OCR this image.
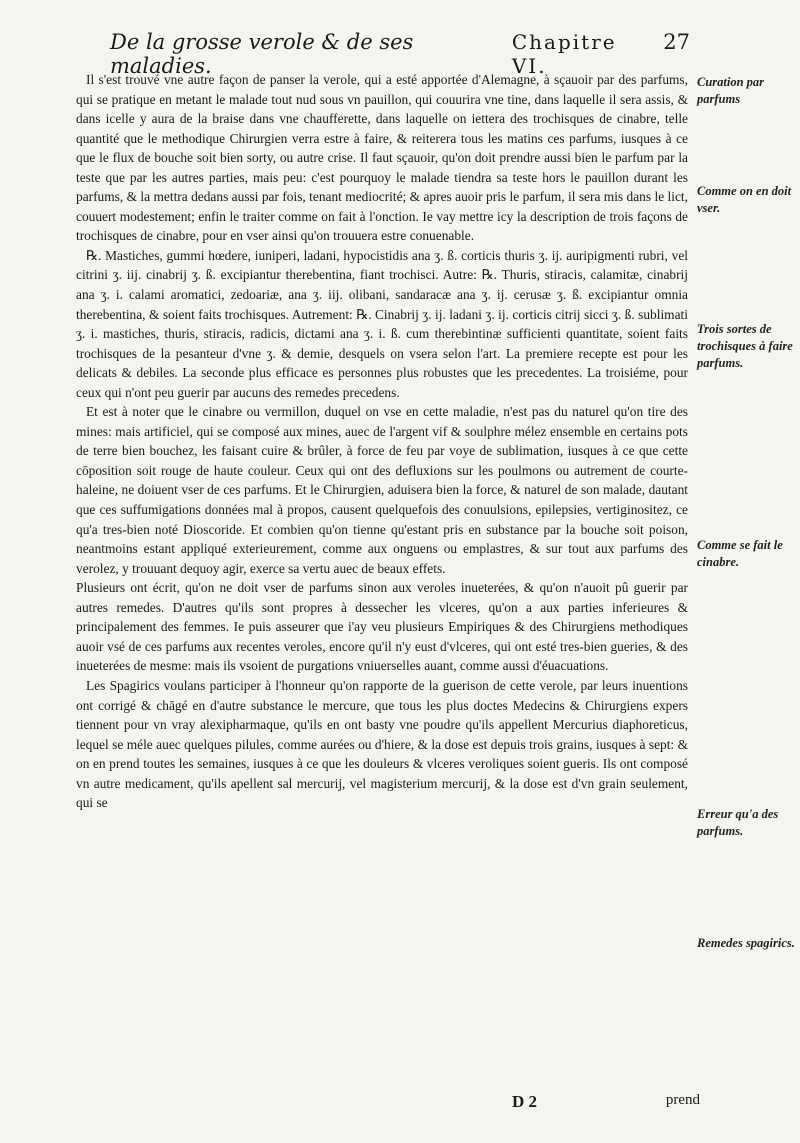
De la grosse verole & de ses maladies.
Chapitre VI.
27

Il s'est trouvé vne autre façon de panser la verole, qui a esté apportée d'Alemagne, à sçauoir par des parfums, qui se pratique en metant le malade tout nud sous vn pauillon, qui couurira vne tine, dans laquelle il sera assis, & dans icelle y aura de la braise dans vne chaufferette, dans laquelle on iettera des trochisques de cinabre, telle quantité que le methodique Chirurgien verra estre à faire, & reiterera tous les matins ces parfums, iusques à ce que le flux de bouche soit bien sorty, ou autre crise. Il faut sçauoir, qu'on doit prendre aussi bien le parfum par la teste que par les autres parties, mais peu: c'est pourquoy le malade tiendra sa teste hors le pauillon durant les parfums, & la mettra dedans aussi par fois, tenant mediocrité; & apres auoir pris le parfum, il sera mis dans le lict, couuert modestement; enfin le traiter comme on fait à l'onction. Ie vay mettre icy la description de trois façons de trochisques de cinabre, pour en vser ainsi qu'on trouuera estre conuenable.

℞. Mastiches, gummi hœdere, iuniperi, ladani, hypocistidis ana ʒ. ß. corticis thuris ʒ. ij. auripigmenti rubri, vel citrini ʒ. iij. cinabrij ʒ. ß. excipiantur therebentina, fiant trochisci. Autre: ℞. Thuris, stiracis, calamitæ, cinabrij ana ʒ. i. calami aromatici, zedoariæ, ana ʒ. iij. olibani, sandaracæ ana ʒ. ij. cerusæ ʒ. ß. excipiantur omnia therebentina, & soient faits trochisques. Autrement: ℞. Cinabrij ʒ. ij. ladani ʒ. ij. corticis citrij sicci ʒ. ß. sublimati ʒ. i. mastiches, thuris, stiracis, radicis, dictami ana ʒ. i. ß. cum therebintinæ sufficienti quantitate, soient faits trochisques de la pesanteur d'vne ʒ. & demie, desquels on vsera selon l'art. La premiere recepte est pour les delicats & debiles. La seconde plus efficace es personnes plus robustes que les precedentes. La troisiéme, pour ceux qui n'ont peu guerir par aucuns des remedes precedens.

Et est à noter que le cinabre ou vermillon, duquel on vse en cette maladie, n'est pas du naturel qu'on tire des mines: mais artificiel, qui se composé aux mines, auec de l'argent vif & soulphre mélez ensemble en certains pots de terre bien bouchez, les faisant cuire & brûler, à force de feu par voye de sublimation, iusques à ce que cette cōposition soit rouge de haute couleur. Ceux qui ont des defluxions sur les poulmons ou autrement de courte-haleine, ne doiuent vser de ces parfums. Et le Chirurgien, aduisera bien la force, & naturel de son malade, dautant que ces suffumigations données mal à propos, causent quelquefois des conuulsions, epilepsies, vertiginositez, ce qu'a tres-bien noté Dioscoride. Et combien qu'on tienne qu'estant pris en substance par la bouche soit poison, neantmoins estant appliqué exterieurement, comme aux onguens ou emplastres, & sur tout aux parfums des verolez, y trouuant dequoy agir, exerce sa vertu auec de beaux effets.

Plusieurs ont écrit, qu'on ne doit vser de parfums sinon aux veroles inueterées, & qu'on n'auoit pû guerir par autres remedes. D'autres qu'ils sont propres à dessecher les vlceres, qu'on a aux parties inferieures & principalement des femmes. Ie puis asseurer que i'ay veu plusieurs Empiriques & des Chirurgiens methodiques auoir vsé de ces parfums aux recentes veroles, encore qu'il n'y eust d'vlceres, qui ont esté tres-bien gueries, & des inueterées de mesme: mais ils vsoient de purgations vniuerselles auant, comme aussi d'éuacuations.

Les Spagirics voulans participer à l'honneur qu'on rapporte de la guerison de cette verole, par leurs inuentions ont corrigé & chāgé en d'autre substance le mercure, que tous les plus doctes Medecins & Chirurgiens expers tiennent pour vn vray alexipharmaque, qu'ils en ont basty vne poudre qu'ils appellent Mercurius diaphoreticus, lequel se méle auec quelques pilules, comme aurées ou d'hiere, & la dose est depuis trois grains, iusques à sept: & on en prend toutes les semaines, iusques à ce que les douleurs & vlceres veroliques soient gueris. Ils ont composé vn autre medicament, qu'ils apellent sal mercurij, vel magisterium mercurij, & la dose est d'vn grain seulement, qui se

Curation par parfums
Comme on en doit vser.
Trois sortes de trochisques à faire parfums.
Comme se fait le cinabre.
Erreur qu'a des parfums.
Remedes spagirics.
D 2	prend
